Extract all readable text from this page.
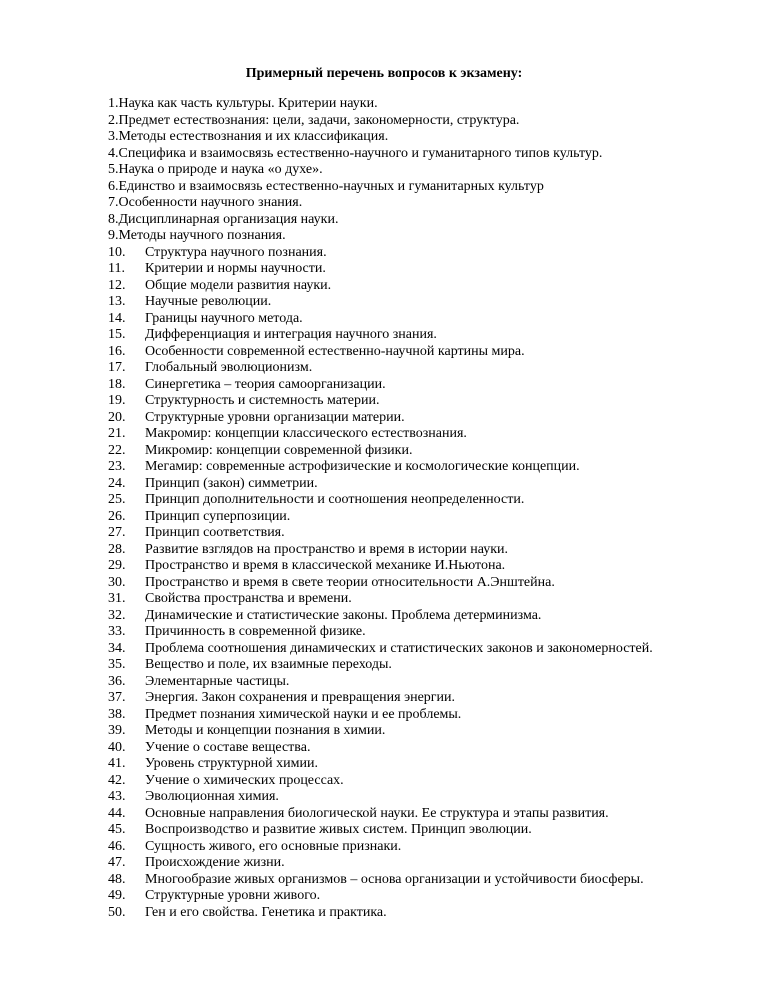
Примерный перечень вопросов к экзамену:
1. Наука как часть культуры. Критерии науки.
2. Предмет естествознания: цели, задачи, закономерности, структура.
3. Методы естествознания и их классификация.
4. Специфика и взаимосвязь естественно-научного и гуманитарного типов культур.
5. Наука о природе и наука «о духе».
6. Единство и взаимосвязь естественно-научных и гуманитарных культур
7. Особенности научного знания.
8. Дисциплинарная организация науки.
9. Методы научного познания.
10.	Структура научного познания.
11.	Критерии и нормы научности.
12.	Общие модели развития науки.
13.	Научные революции.
14.	Границы научного метода.
15.	Дифференциация и интеграция научного знания.
16.	Особенности современной естественно-научной картины мира.
17.	Глобальный эволюционизм.
18.	Синергетика – теория самоорганизации.
19.	Структурность и системность материи.
20.	Структурные уровни организации материи.
21.	Макромир: концепции классического естествознания.
22.	Микромир: концепции современной физики.
23.	Мегамир: современные астрофизические и космологические концепции.
24.	Принцип (закон) симметрии.
25.	Принцип дополнительности и соотношения неопределенности.
26.	Принцип суперпозиции.
27.	Принцип соответствия.
28.	Развитие взглядов на пространство и время в истории науки.
29.	Пространство и время в классической механике И.Ньютона.
30.	Пространство и время в свете теории относительности А.Энштейна.
31.	Свойства пространства и времени.
32.	Динамические и статистические законы. Проблема детерминизма.
33.	Причинность в современной физике.
34.	Проблема соотношения динамических и статистических законов и закономерностей.
35.	Вещество и поле, их взаимные переходы.
36.	Элементарные частицы.
37.	Энергия. Закон сохранения и превращения энергии.
38.	Предмет познания химической науки и ее проблемы.
39.	Методы и концепции познания в химии.
40.	Учение о составе вещества.
41.	Уровень структурной химии.
42.	Учение о химических процессах.
43.	Эволюционная химия.
44.	Основные направления биологической науки. Ее структура и этапы развития.
45.	Воспроизводство и развитие живых систем. Принцип эволюции.
46.	Сущность живого, его основные признаки.
47.	Происхождение жизни.
48.	Многообразие живых организмов – основа организации и устойчивости биосферы.
49.	Структурные уровни живого.
50.	Ген и его свойства. Генетика и практика.
